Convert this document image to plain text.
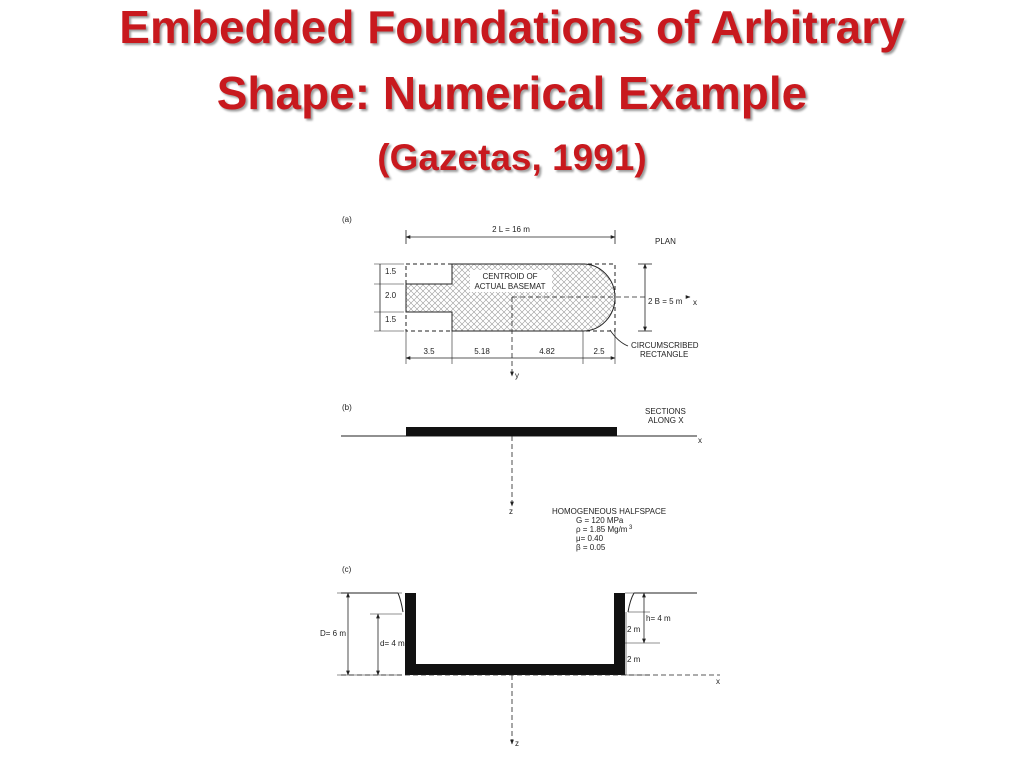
Embedded Foundations of Arbitrary
Shape: Numerical Example
(Gazetas, 1991)
(a)
PLAN
2 L = 16 m
CENTROID OF
ACTUAL BASEMAT
x
y
2 B = 5 m
CIRCUMSCRIBED
RECTANGLE
1.5
2.0
1.5
3.5	5.18	4.82	2.5
(b)	SECTIONS
ALONG X
x
z	HOMOGENEOUS HALFSPACE
G = 120 MPa
ρ = 1.85 Mg/m 3
μ= 0.40
β = 0.05
(c)
x
z
D= 6 m
d= 4 m
h= 4 m
2 m
2 m
